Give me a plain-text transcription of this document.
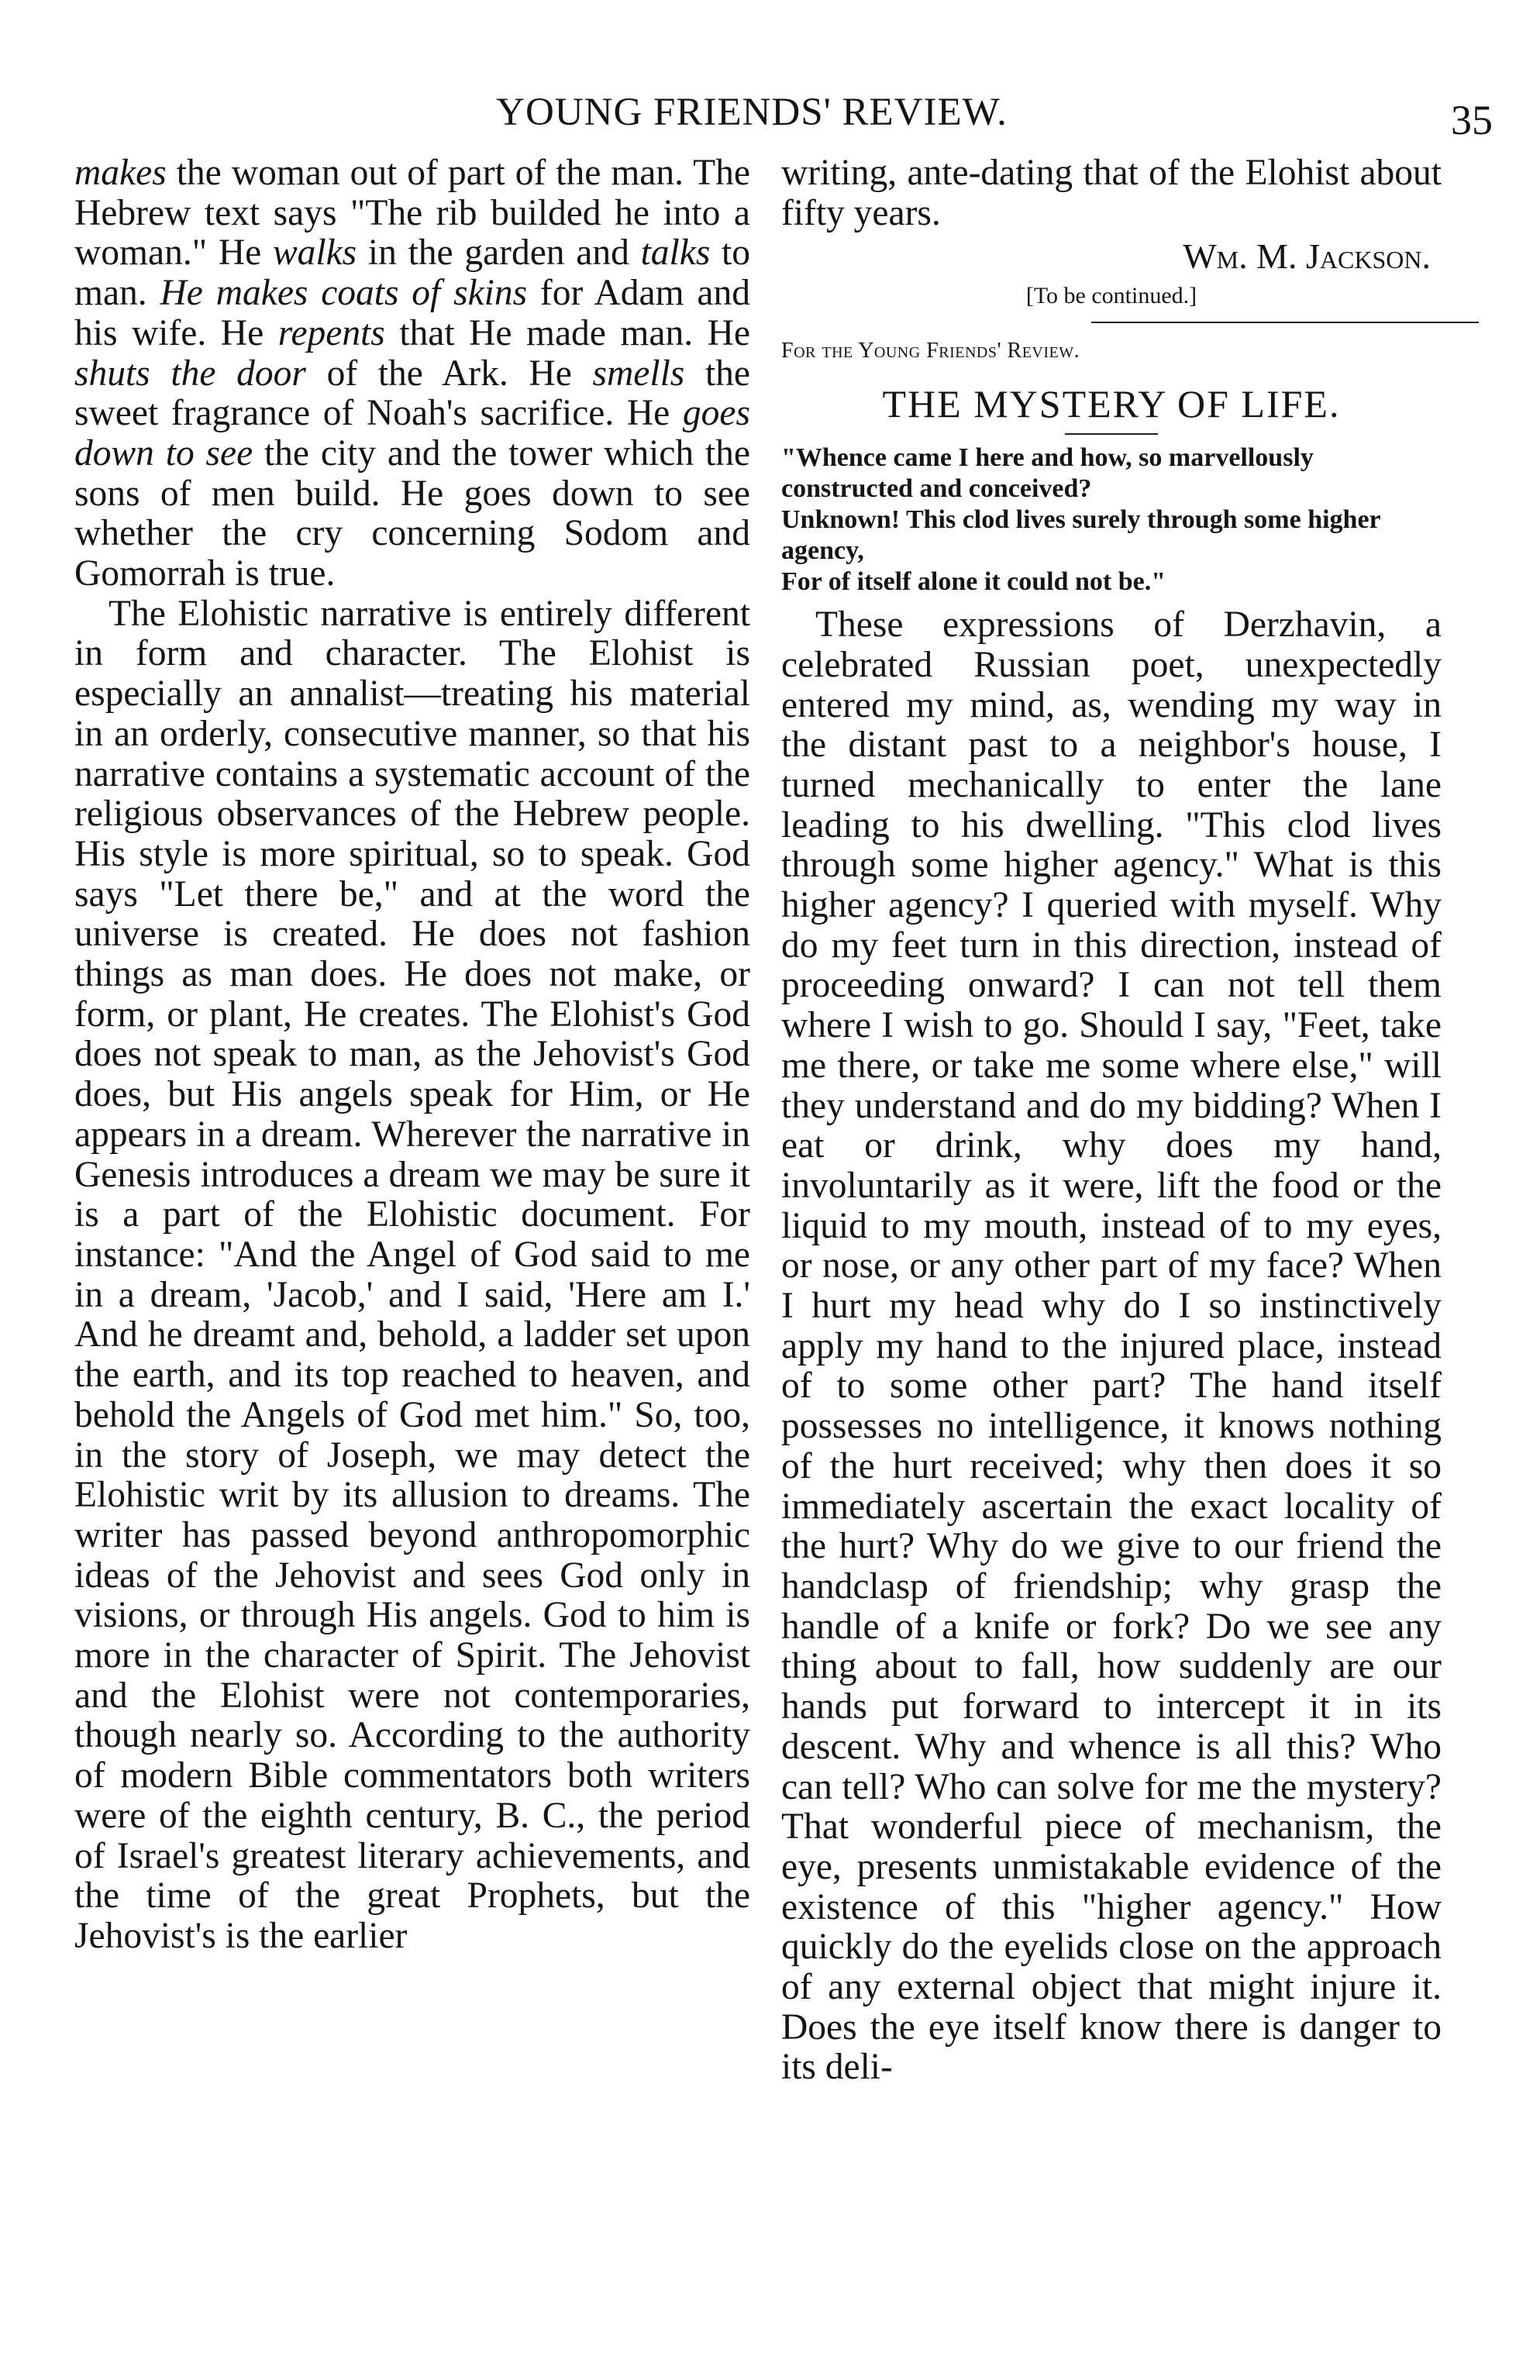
YOUNG FRIENDS' REVIEW.	35

makes the woman out of part of the man. The Hebrew text says "The rib builded he into a woman." He walks in the garden and talks to man. He makes coats of skins for Adam and his wife. He repents that He made man. He shuts the door of the Ark. He smells the sweet fragrance of Noah's sacrifice. He goes down to see the city and the tower which the sons of men build. He goes down to see whether the cry concerning Sodom and Gomorrah is true.

The Elohistic narrative is entirely different in form and character. The Elohist is especially an annalist—treating his material in an orderly, consecutive manner, so that his narrative contains a systematic account of the religious observances of the Hebrew people. His style is more spiritual, so to speak. God says "Let there be," and at the word the universe is created. He does not fashion things as man does. He does not make, or form, or plant, He creates. The Elohist's God does not speak to man, as the Jehovist's God does, but His angels speak for Him, or He appears in a dream. Wherever the narrative in Genesis introduces a dream we may be sure it is a part of the Elohistic document. For instance: "And the Angel of God said to me in a dream, 'Jacob,' and I said, 'Here am I.' And he dreamt and, behold, a ladder set upon the earth, and its top reached to heaven, and behold the Angels of God met him." So, too, in the story of Joseph, we may detect the Elohistic writ by its allusion to dreams. The writer has passed beyond anthropomorphic ideas of the Jehovist and sees God only in visions, or through His angels. God to him is more in the character of Spirit. The Jehovist and the Elohist were not contemporaries, though nearly so. According to the authority of modern Bible commentators both writers were of the eighth century, B. C., the period of Israel's greatest literary achievements, and the time of the great Prophets, but the Jehovist's is the earlier

writing, ante-dating that of the Elohist about fifty years.

Wm. M. Jackson.
[To be continued.]
For the Young Friends' Review.
THE MYSTERY OF LIFE.

"Whence came I here and how, so marvellously constructed and conceived?

Unknown! This clod lives surely through some higher agency,

For of itself alone it could not be."

These expressions of Derzhavin, a celebrated Russian poet, unexpectedly entered my mind, as, wending my way in the distant past to a neighbor's house, I turned mechanically to enter the lane leading to his dwelling. "This clod lives through some higher agency." What is this higher agency? I queried with myself. Why do my feet turn in this direction, instead of proceeding onward? I can not tell them where I wish to go. Should I say, "Feet, take me there, or take me some where else," will they understand and do my bidding? When I eat or drink, why does my hand, involuntarily as it were, lift the food or the liquid to my mouth, instead of to my eyes, or nose, or any other part of my face? When I hurt my head why do I so instinctively apply my hand to the injured place, instead of to some other part? The hand itself possesses no intelligence, it knows nothing of the hurt received; why then does it so immediately ascertain the exact locality of the hurt? Why do we give to our friend the handclasp of friendship; why grasp the handle of a knife or fork? Do we see any thing about to fall, how suddenly are our hands put forward to intercept it in its descent. Why and whence is all this? Who can tell? Who can solve for me the mystery? That wonderful piece of mechanism, the eye, presents unmistakable evidence of the existence of this "higher agency." How quickly do the eyelids close on the approach of any external object that might injure it. Does the eye itself know there is danger to its deli-
